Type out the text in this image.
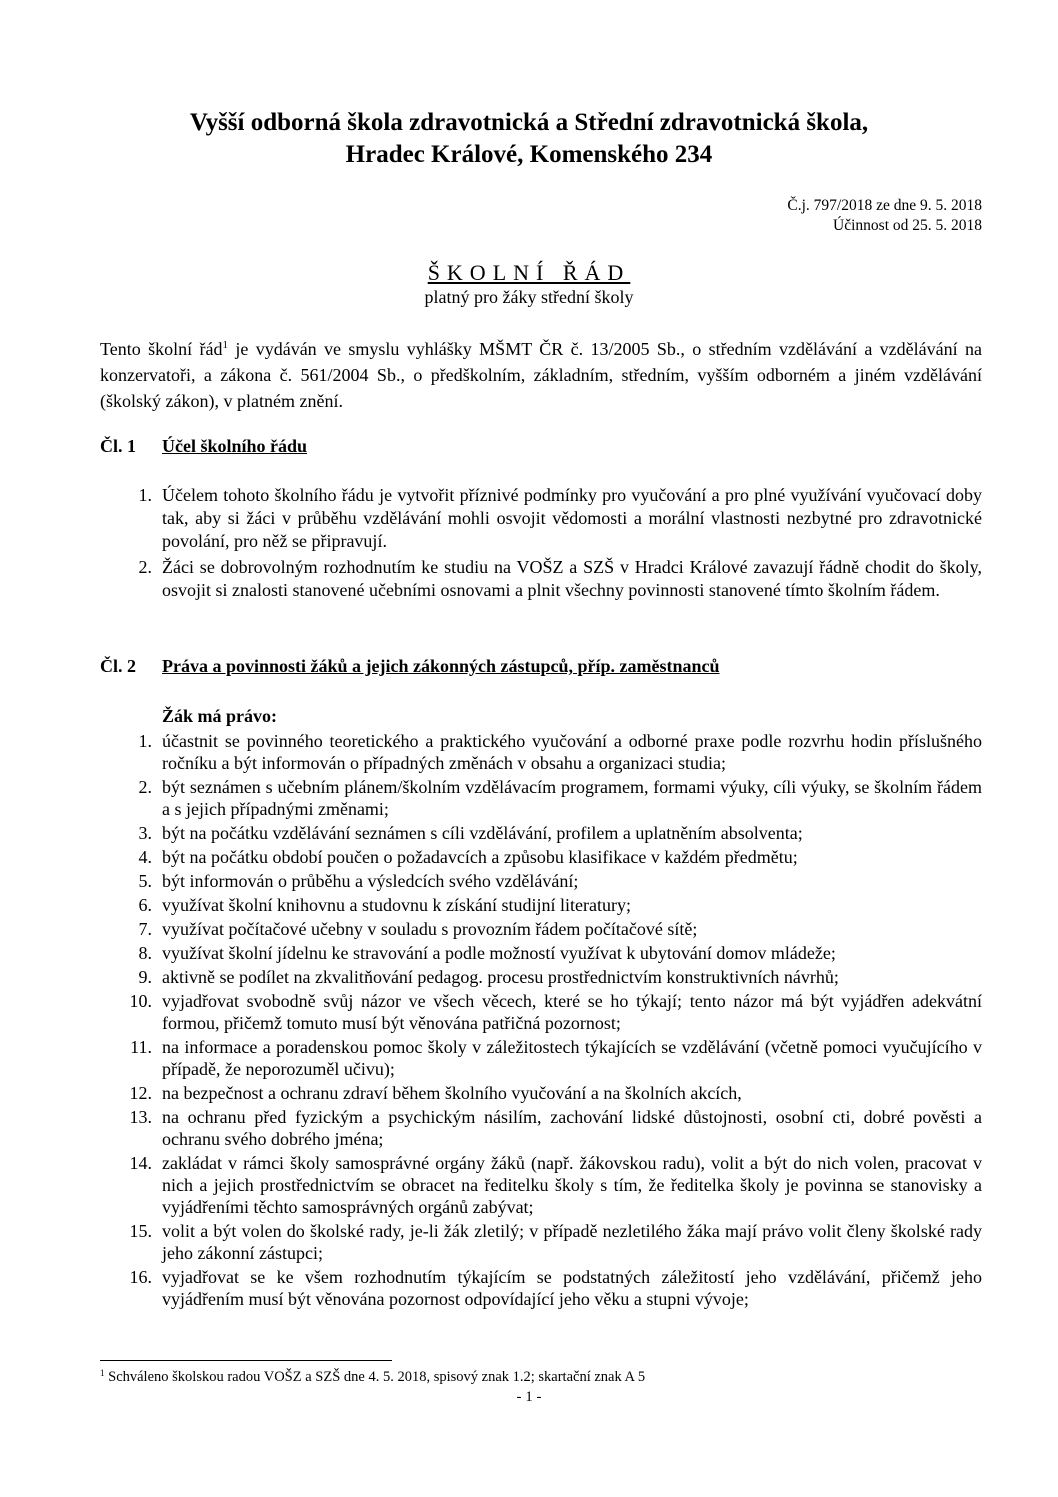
Vyšší odborná škola zdravotnická a Střední zdravotnická škola,
Hradec Králové, Komenského 234
Č.j. 797/2018 ze dne 9. 5. 2018
Účinnost od 25. 5. 2018
ŠKOLNÍ ŘÁD
platný pro žáky střední školy
Tento školní řád$^1$ je vydáván ve smyslu vyhlášky MŠMT ČR č. 13/2005 Sb., o středním vzdělávání a vzdělávání na konzervatoři, a zákona č. 561/2004 Sb., o předškolním, základním, středním, vyšším odborném a jiném vzdělávání (školský zákon), v platném znění.
Čl. 1 Účel školního řádu
1. Účelem tohoto školního řádu je vytvořit příznivé podmínky pro vyučování a pro plné využívání vyučovací doby tak, aby si žáci v průběhu vzdělávání mohli osvojit vědomosti a morální vlastnosti nezbytné pro zdravotnické povolání, pro něž se připravují.
2. Žáci se dobrovolným rozhodnutím ke studiu na VOŠZ a SZŠ v Hradci Králové zavazují řádně chodit do školy, osvojit si znalosti stanovené učebními osnovami a plnit všechny povinnosti stanovené tímto školním řádem.
Čl. 2 Práva a povinnosti žáků a jejich zákonných zástupců, příp. zaměstnanců
Žák má právo:
1. účastnit se povinného teoretického a praktického vyučování a odborné praxe podle rozvrhu hodin příslušného ročníku a být informován o případných změnách v obsahu a organizaci studia;
2. být seznámen s učebním plánem/školním vzdělávacím programem, formami výuky, cíli výuky, se školním řádem a s jejich případnými změnami;
3. být na počátku vzdělávání seznámen s cíli vzdělávání, profilem a uplatněním absolventa;
4. být na počátku období poučen o požadavcích a způsobu klasifikace v každém předmětu;
5. být informován o průběhu a výsledcích svého vzdělávání;
6. využívat školní knihovnu a studovnu k získání studijní literatury;
7. využívat počítačové učebny v souladu s provozním řádem počítačové sítě;
8. využívat školní jídelnu ke stravování a podle možností využívat k ubytování domov mládeže;
9. aktivně se podílet na zkvalitňování pedagog. procesu prostřednictvím konstruktivních návrhů;
10. vyjadřovat svobodně svůj názor ve všech věcech, které se ho týkají; tento názor má být vyjádřen adekvátní formou, přičemž tomuto musí být věnována patřičná pozornost;
11. na informace a poradenskou pomoc školy v záležitostech týkajících se vzdělávání (včetně pomoci vyučujícího v případě, že neporozuměl učivu);
12. na bezpečnost a ochranu zdraví během školního vyučování a na školních akcích,
13. na ochranu před fyzickým a psychickým násilím, zachování lidské důstojnosti, osobní cti, dobré pověsti a ochranu svého dobrého jména;
14. zakládat v rámci školy samosprávné orgány žáků (např. žákovskou radu), volit a být do nich volen, pracovat v nich a jejich prostřednictvím se obracet na ředitelku školy s tím, že ředitelka školy je povinna se stanovisky a vyjádřeními těchto samosprávných orgánů zabývat;
15. volit a být volen do školské rady, je-li žák zletilý; v případě nezletilého žáka mají právo volit členy školské rady jeho zákonní zástupci;
16. vyjadřovat se ke všem rozhodnutím týkajícím se podstatných záležitostí jeho vzdělávání, přičemž jeho vyjádřením musí být věnována pozornost odpovídající jeho věku a stupni vývoje;
$^1$ Schváleno školskou radou VOŠZ a SZŠ dne 4. 5. 2018, spisový znak 1.2; skartační znak A 5
- 1 -
